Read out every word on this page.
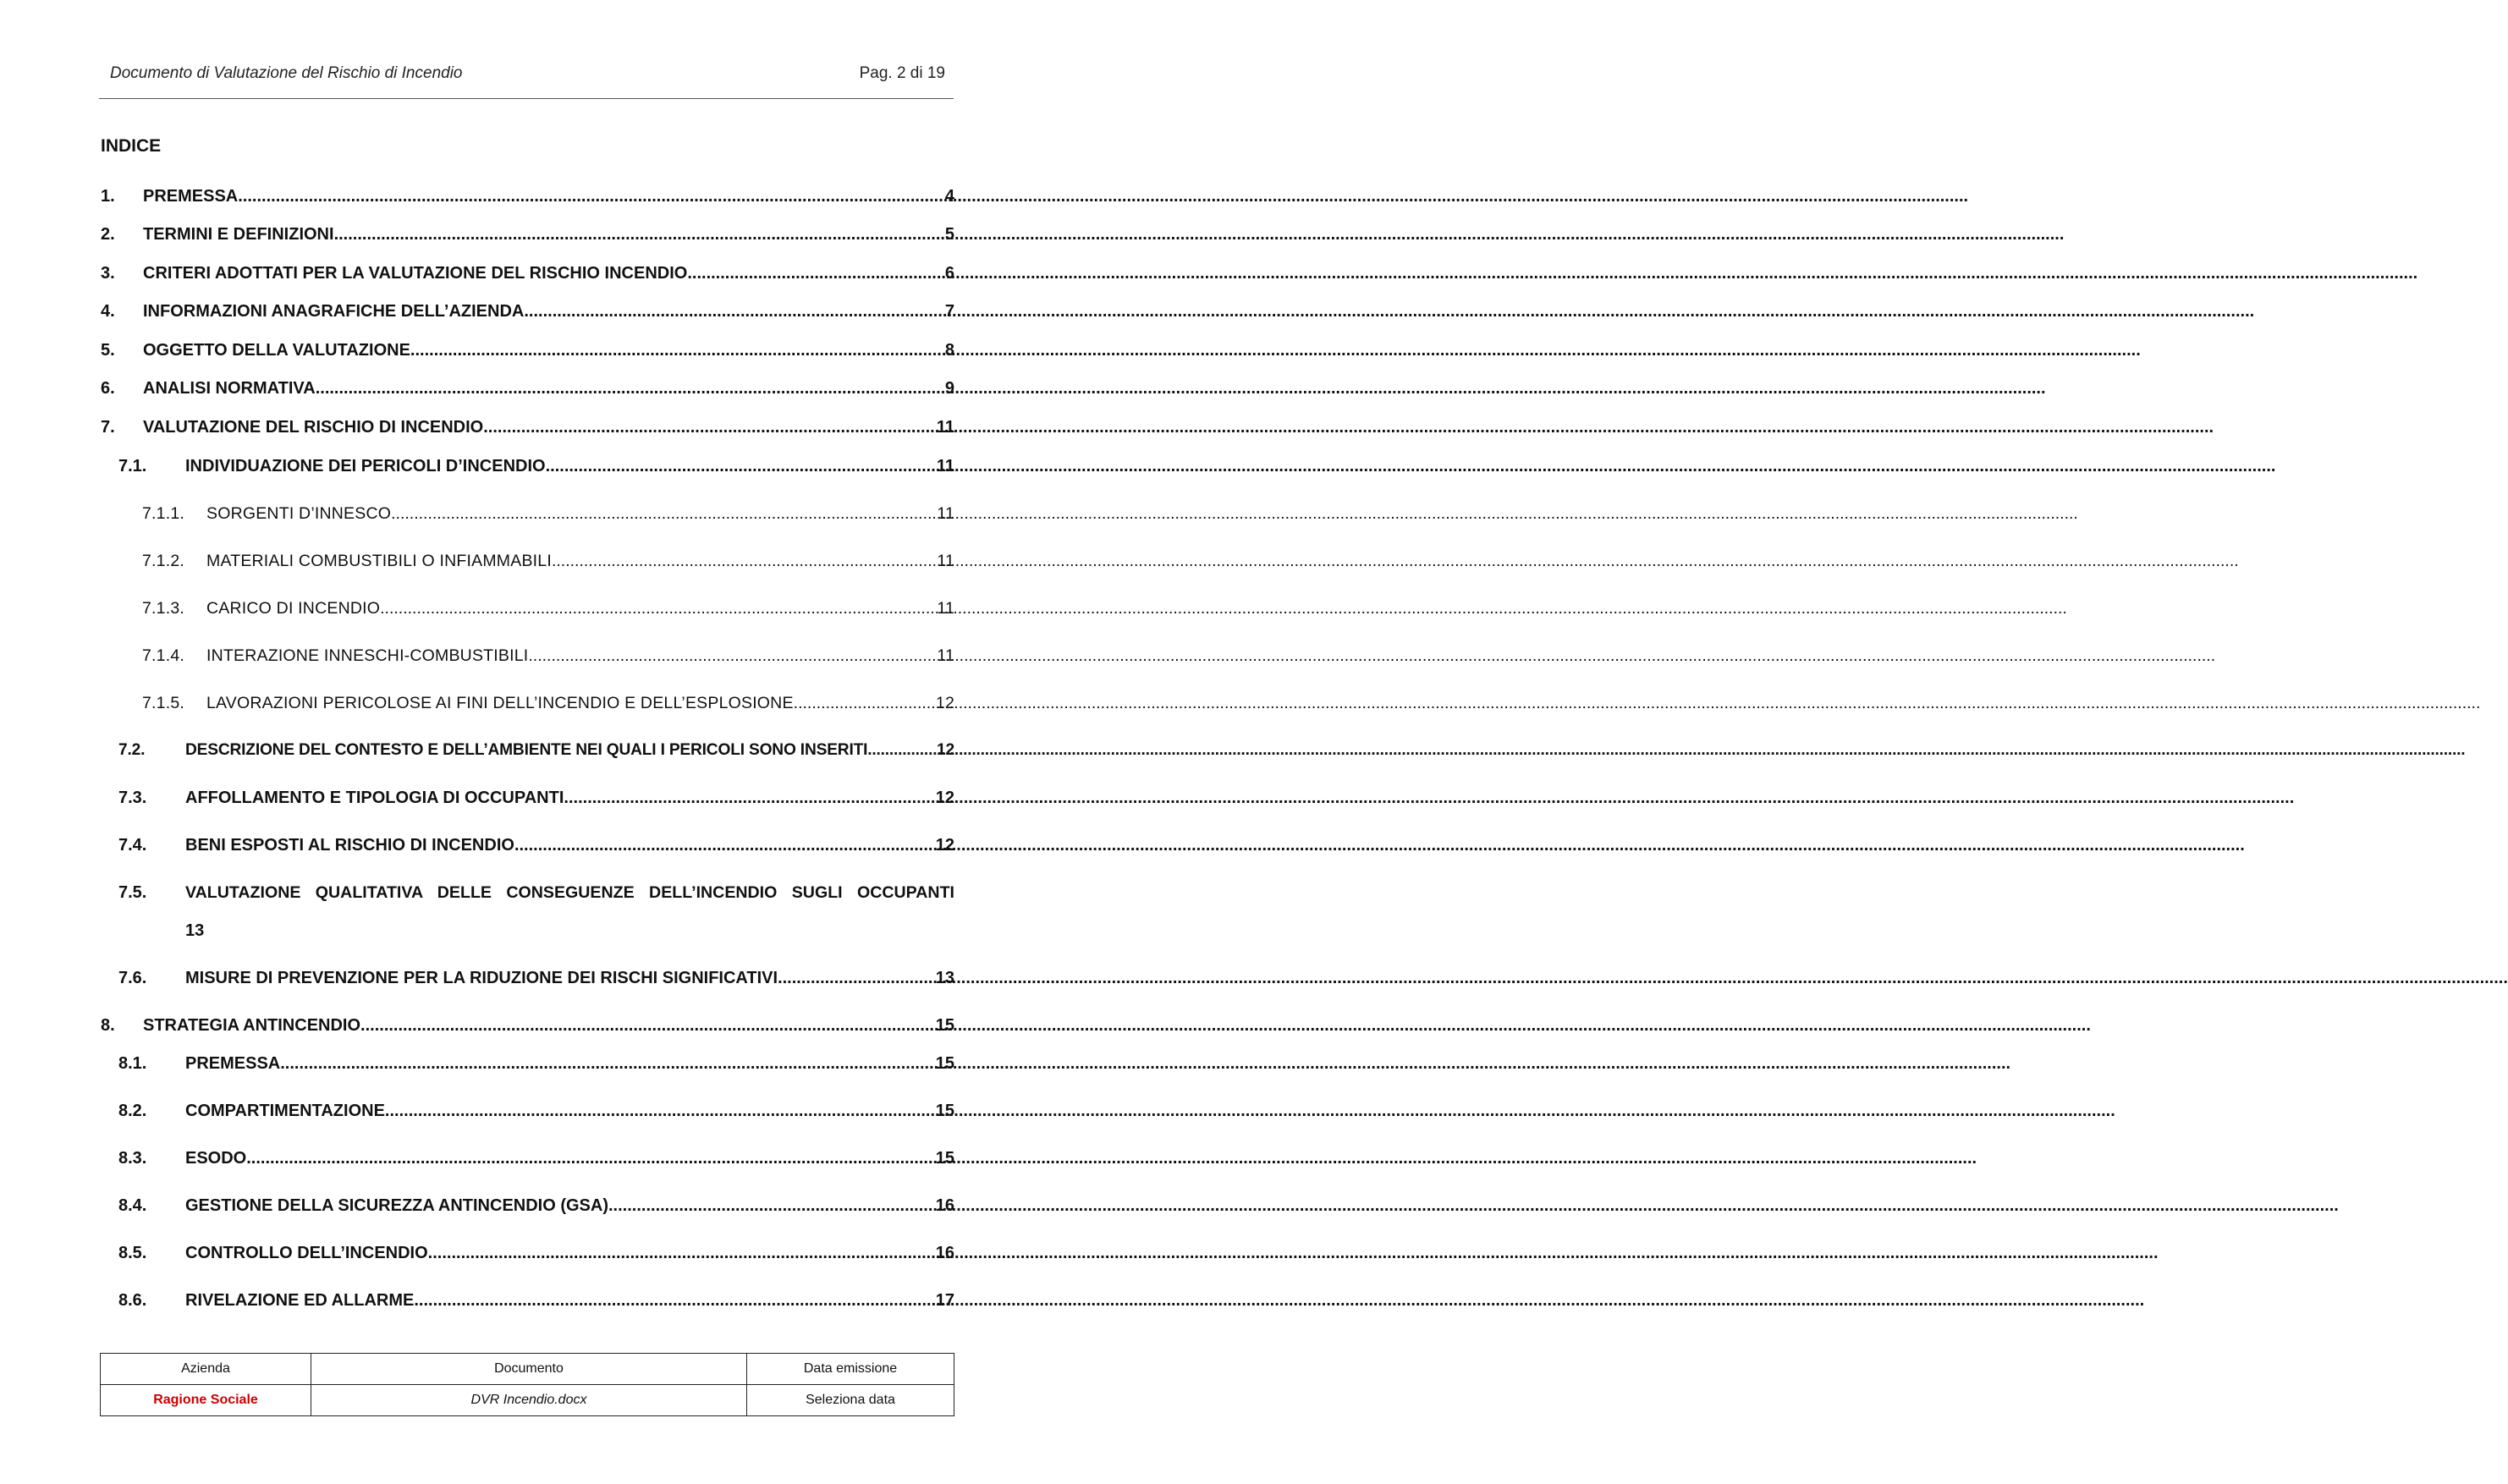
Documento di Valutazione del Rischio di Incendio	Pag. 2 di 19
INDICE
1.	PREMESSA .....	4
2.	TERMINI E DEFINIZIONI .....	5
3.	CRITERI ADOTTATI PER LA VALUTAZIONE DEL RISCHIO INCENDIO .....	6
4.	INFORMAZIONI ANAGRAFICHE DELL’AZIENDA .....	7
5.	OGGETTO DELLA VALUTAZIONE .....	8
6.	ANALISI NORMATIVA .....	9
7.	VALUTAZIONE DEL RISCHIO DI INCENDIO .....	11
7.1.	INDIVIDUAZIONE DEI PERICOLI D’INCENDIO .....	11
7.1.1.	SORGENTI D’INNESCO .....	11
7.1.2.	MATERIALI COMBUSTIBILI O INFIAMMABILI .....	11
7.1.3.	CARICO DI INCENDIO .....	11
7.1.4.	INTERAZIONE INNESCHI-COMBUSTIBILI .....	11
7.1.5.	LAVORAZIONI PERICOLOSE AI FINI DELL’INCENDIO E DELL’ESPLOSIONE .....	12
7.2.	DESCRIZIONE DEL CONTESTO E DELL’AMBIENTE NEI QUALI I PERICOLI SONO INSERITI .....	12
7.3.	AFFOLLAMENTO E TIPOLOGIA DI OCCUPANTI .....	12
7.4.	BENI ESPOSTI AL RISCHIO DI INCENDIO .....	12
7.5.	VALUTAZIONE QUALITATIVA DELLE CONSEGUENZE DELL’INCENDIO SUGLI OCCUPANTI
13
7.6.	MISURE DI PREVENZIONE PER LA RIDUZIONE DEI RISCHI SIGNIFICATIVI .....	13
8.	STRATEGIA ANTINCENDIO .....	15
8.1.	PREMESSA .....	15
8.2.	COMPARTIMENTAZIONE .....	15
8.3.	ESODO .....	15
8.4.	GESTIONE DELLA SICUREZZA ANTINCENDIO (GSA) .....	16
8.5.	CONTROLLO DELL’INCENDIO .....	16
8.6.	RIVELAZIONE ED ALLARME .....	17
Azienda	Documento	Data emissione
Ragione Sociale	DVR Incendio.docx	Seleziona data
